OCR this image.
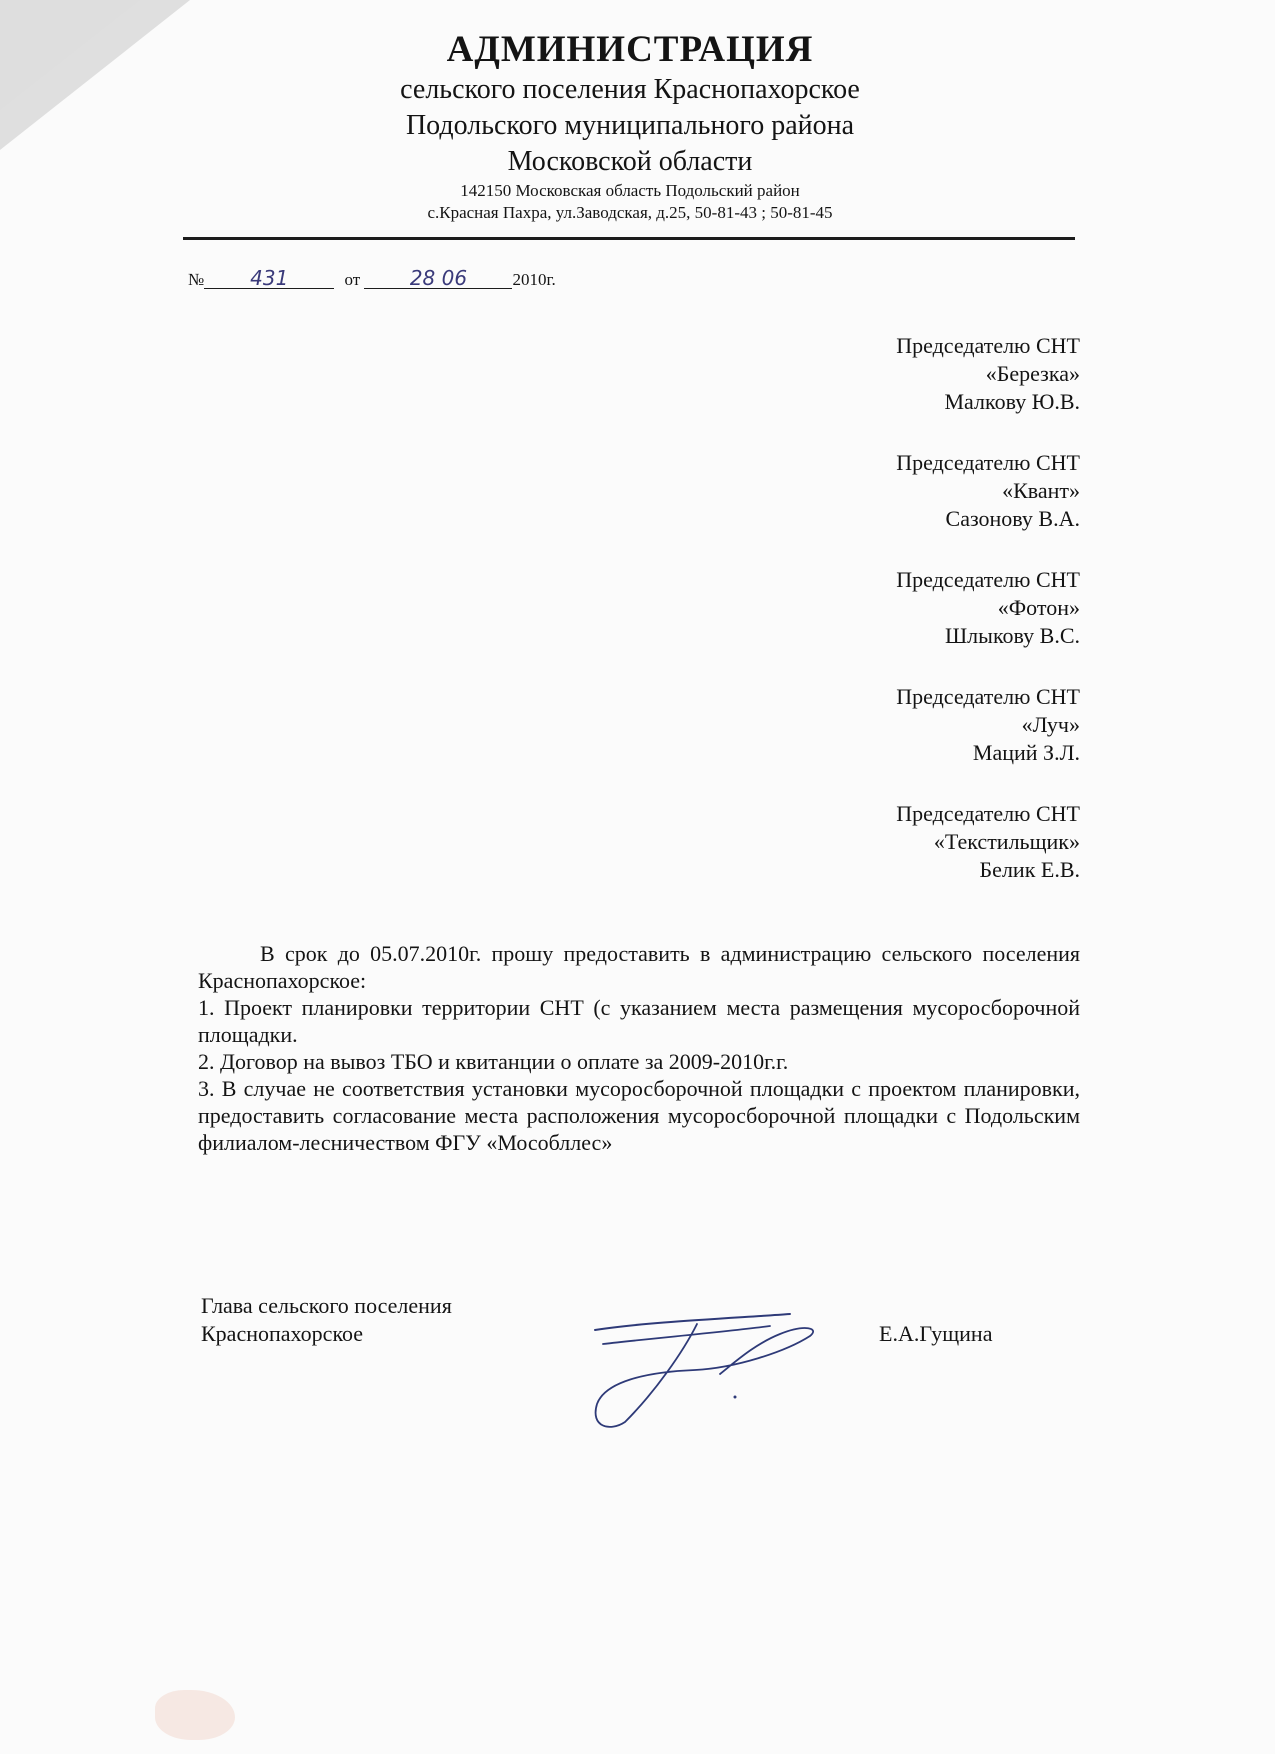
АДМИНИСТРАЦИЯ
сельского поселения Краснопахорское
Подольского муниципального района
Московской области
142150 Московская область Подольский район
с.Красная Пахра, ул.Заводская, д.25, 50-81-43 ; 50-81-45
№ 431	от 28 06	2010г.
Председателю СНТ
«Березка»
Малкову Ю.В.
Председателю СНТ
«Квант»
Сазонову В.А.
Председателю СНТ
«Фотон»
Шлыкову В.С.
Председателю СНТ
«Луч»
Маций З.Л.
Председателю СНТ
«Текстильщик»
Белик Е.В.

В срок до 05.07.2010г. прошу предоставить в администрацию сельского поселения Краснопахорское:

1. Проект планировки территории СНТ (с указанием места размещения мусоросборочной площадки.

2. Договор на вывоз ТБО и квитанции о оплате за 2009-2010г.г.

3. В случае не соответствия установки мусоросборочной площадки с проектом планировки, предоставить согласование места расположения мусоросборочной площадки с Подольским филиалом-лесничеством ФГУ «Мособллес»

Глава сельского поселения
Краснопахорское	Е.А.Гущина
